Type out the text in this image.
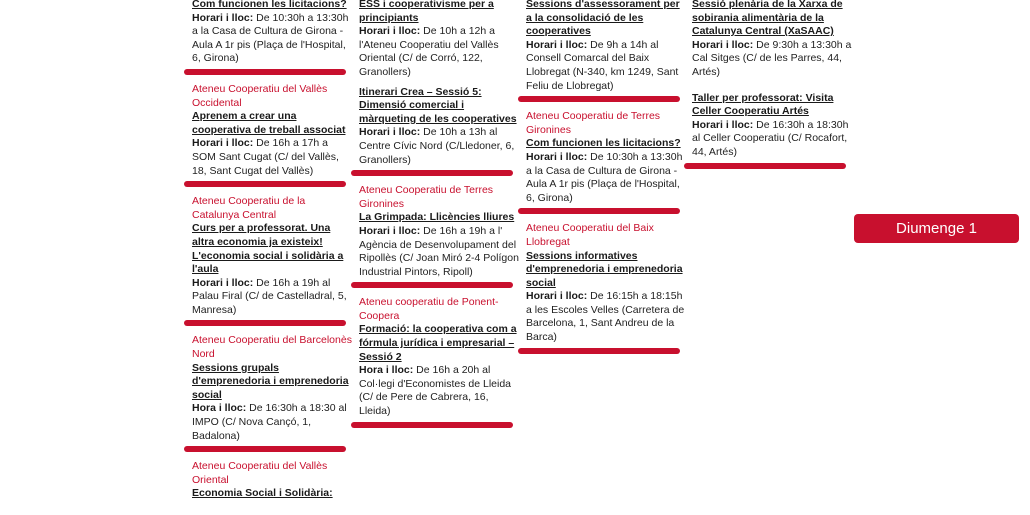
Com funcionen les licitacions?
Horari i lloc: De 10:30h a 13:30h a la Casa de Cultura de Girona - Aula A 1r pis (Plaça de l'Hospital, 6, Girona)
Ateneu Cooperatiu del Vallès Occidental
Aprenem a crear una cooperativa de treball associat
Horari i lloc: De 16h a 17h a SOM Sant Cugat (C/ del Vallès, 18, Sant Cugat del Vallès)
Ateneu Cooperatiu de la Catalunya Central
Curs per a professorat. Una altra economia ja existeix! L'economia social i solidària a l'aula
Horari i lloc: De 16h a 19h al Palau Firal (C/ de Castelladral, 5, Manresa)
Ateneu Cooperatiu del Barcelonès Nord
Sessions grupals d'emprenedoria i emprenedoria social
Hora i lloc: De 16:30h a 18:30 al IMPO (C/ Nova Cançó, 1, Badalona)
Ateneu Cooperatiu del Vallès Oriental
Economia Social i Solidària:
ESS i cooperativisme per a principiants
Horari i lloc: De 10h a 12h a l'Ateneu Cooperatiu del Vallès Oriental (C/ de Corró, 122, Granollers)
Itinerari Crea – Sessió 5: Dimensió comercial i màrqueting de les cooperatives
Horari i lloc: De 10h a 13h al Centre Cívic Nord (C/Lledoner, 6, Granollers)
Ateneu Cooperatiu de Terres Gironines
La Grimpada: Llicències lliures
Horari i lloc: De 16h a 19h a l' Agència de Desenvolupament del Ripollès (C/ Joan Miró 2-4 Polígon Industrial Pintors, Ripoll)
Ateneu cooperatiu de Ponent-Coopera
Formació: la cooperativa com a fórmula jurídica i empresarial – Sessió 2
Hora i lloc: De 16h a 20h al Col·legi d'Economistes de Lleida (C/ de Pere de Cabrera, 16, Lleida)
Sessions d'assessorament per a la consolidació de les cooperatives
Horari i lloc: De 9h a 14h al Consell Comarcal del Baix Llobregat (N-340, km 1249, Sant Feliu de Llobregat)
Ateneu Cooperatiu de Terres Gironines
Com funcionen les licitacions?
Horari i lloc: De 10:30h a 13:30h a la Casa de Cultura de Girona - Aula A 1r pis (Plaça de l'Hospital, 6, Girona)
Ateneu Cooperatiu del Baix Llobregat
Sessions informatives d'emprenedoria i emprenedoria social
Horari i lloc: De 16:15h a 18:15h a les Escoles Velles (Carretera de Barcelona, 1, Sant Andreu de la Barca)
Sessió plenària de la Xarxa de sobirania alimentària de la Catalunya Central (XaSAAC)
Horari i lloc: De 9:30h a 13:30h a Cal Sitges (C/ de les Parres, 44, Artés)
Taller per professorat: Visita Celler Cooperatiu Artés
Horari i lloc: De 16:30h a 18:30h al Celler Cooperatiu (C/ Rocafort, 44, Artés)
Diumenge 1
